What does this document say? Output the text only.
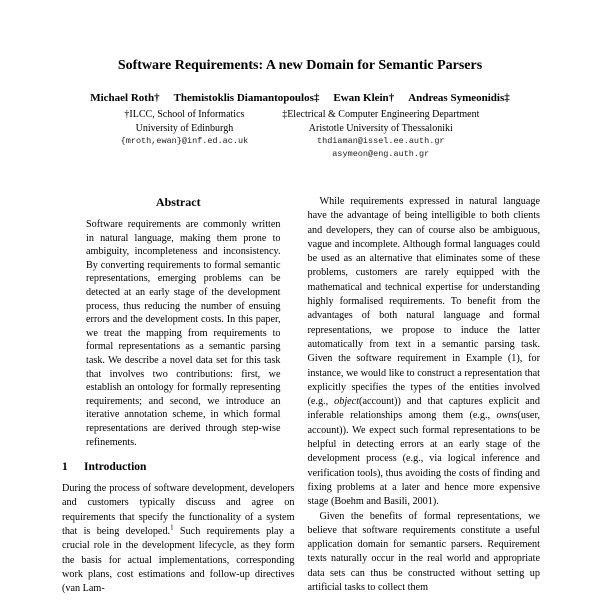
Software Requirements: A new Domain for Semantic Parsers
Michael Roth† Themistoklis Diamantopoulos‡ Ewan Klein† Andreas Symeonidis‡
†ILCC, School of Informatics
University of Edinburgh
{mroth,ewan}@inf.ed.ac.uk
‡Electrical & Computer Engineering Department
Aristotle University of Thessaloniki
thdiaman@issel.ee.auth.gr
asymeon@eng.auth.gr
Abstract

Software requirements are commonly written in natural language, making them prone to ambiguity, incompleteness and inconsistency. By converting requirements to formal semantic representations, emerging problems can be detected at an early stage of the development process, thus reducing the number of ensuing errors and the development costs. In this paper, we treat the mapping from requirements to formal representations as a semantic parsing task. We describe a novel data set for this task that involves two contributions: first, we establish an ontology for formally representing requirements; and second, we introduce an iterative annotation scheme, in which formal representations are derived through step-wise refinements.

1 Introduction

During the process of software development, developers and customers typically discuss and agree on requirements that specify the functionality of a system that is being developed.$^1$ Such requirements play a crucial role in the development lifecycle, as they form the basis for actual implementations, corresponding work plans, cost estimations and follow-up directives (van Lam-

While requirements expressed in natural language have the advantage of being intelligible to both clients and developers, they can of course also be ambiguous, vague and incomplete. Although formal languages could be used as an alternative that eliminates some of these problems, customers are rarely equipped with the mathematical and technical expertise for understanding highly formalised requirements. To benefit from the advantages of both natural language and formal representations, we propose to induce the latter automatically from text in a semantic parsing task. Given the software requirement in Example (1), for instance, we would like to construct a representation that explicitly specifies the types of the entities involved (e.g., object(account)) and that captures explicit and inferable relationships among them (e.g., owns(user, account)). We expect such formal representations to be helpful in detecting errors at an early stage of the development process (e.g., via logical inference and verification tools), thus avoiding the costs of finding and fixing problems at a later and hence more expensive stage (Boehm and Basili, 2001).

Given the benefits of formal representations, we believe that software requirements constitute a useful application domain for semantic parsers. Requirement texts naturally occur in the real world and appropriate data sets can thus be constructed without setting up artificial tasks to collect them
